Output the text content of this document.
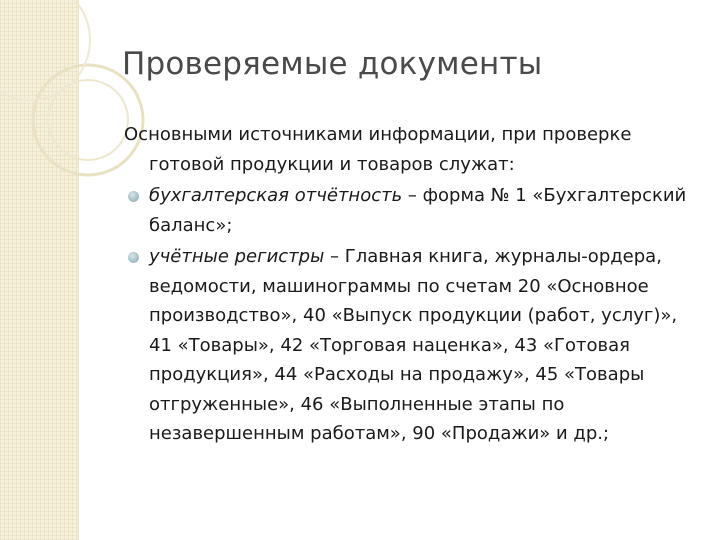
Проверяемые документы

Основными источниками информации, при проверке готовой продукции и товаров служат:

бухгалтерская отчётность – форма № 1 «Бухгалтерский баланс»;
учётные регистры – Главная книга, журналы-ордера, ведомости, машинограммы по счетам 20 «Основное производство», 40 «Выпуск продукции (работ, услуг)», 41 «Товары», 42 «Торговая наценка», 43 «Готовая продукция», 44 «Расходы на продажу», 45 «Товары отгруженные», 46 «Выполненные этапы по незавершенным работам», 90 «Продажи» и др.;
